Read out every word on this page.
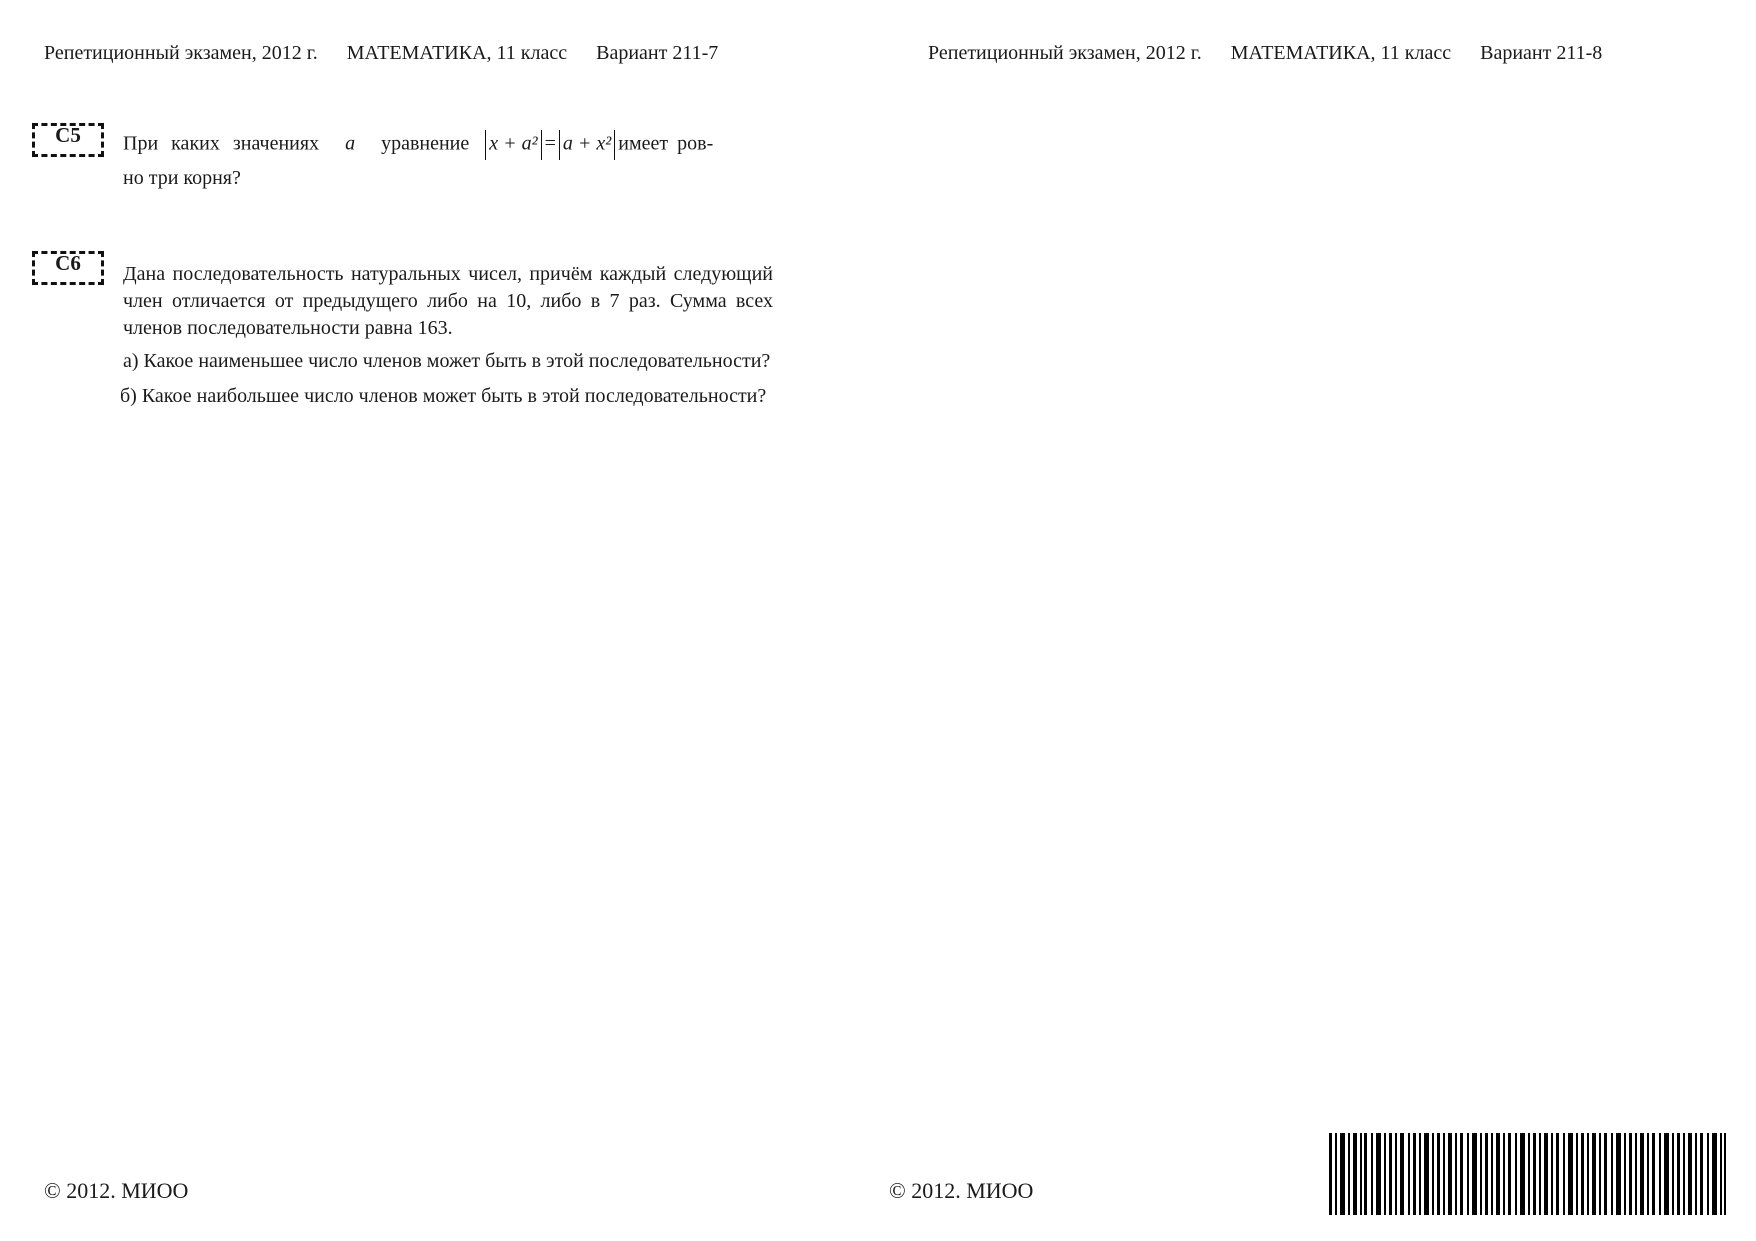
Репетиционный экзамен, 2012 г. МАТЕМАТИКА, 11 класс Вариант 211-7	Репетиционный экзамен, 2012 г. МАТЕМАТИКА, 11 класс Вариант 211-8
С5	При каких значениях a уравнение x + a² = a + x² имеет ров-

но три корня?

С6	Дана последовательность натуральных чисел, причём каждый следующий член отличается от предыдущего либо на 10, либо в 7 раз. Сумма всех членов последовательности равна 163.

а) Какое наименьшее число членов может быть в этой последовательности?

б) Какое наибольшее число членов может быть в этой последовательности?

© 2012. МИОО	© 2012. МИОО
